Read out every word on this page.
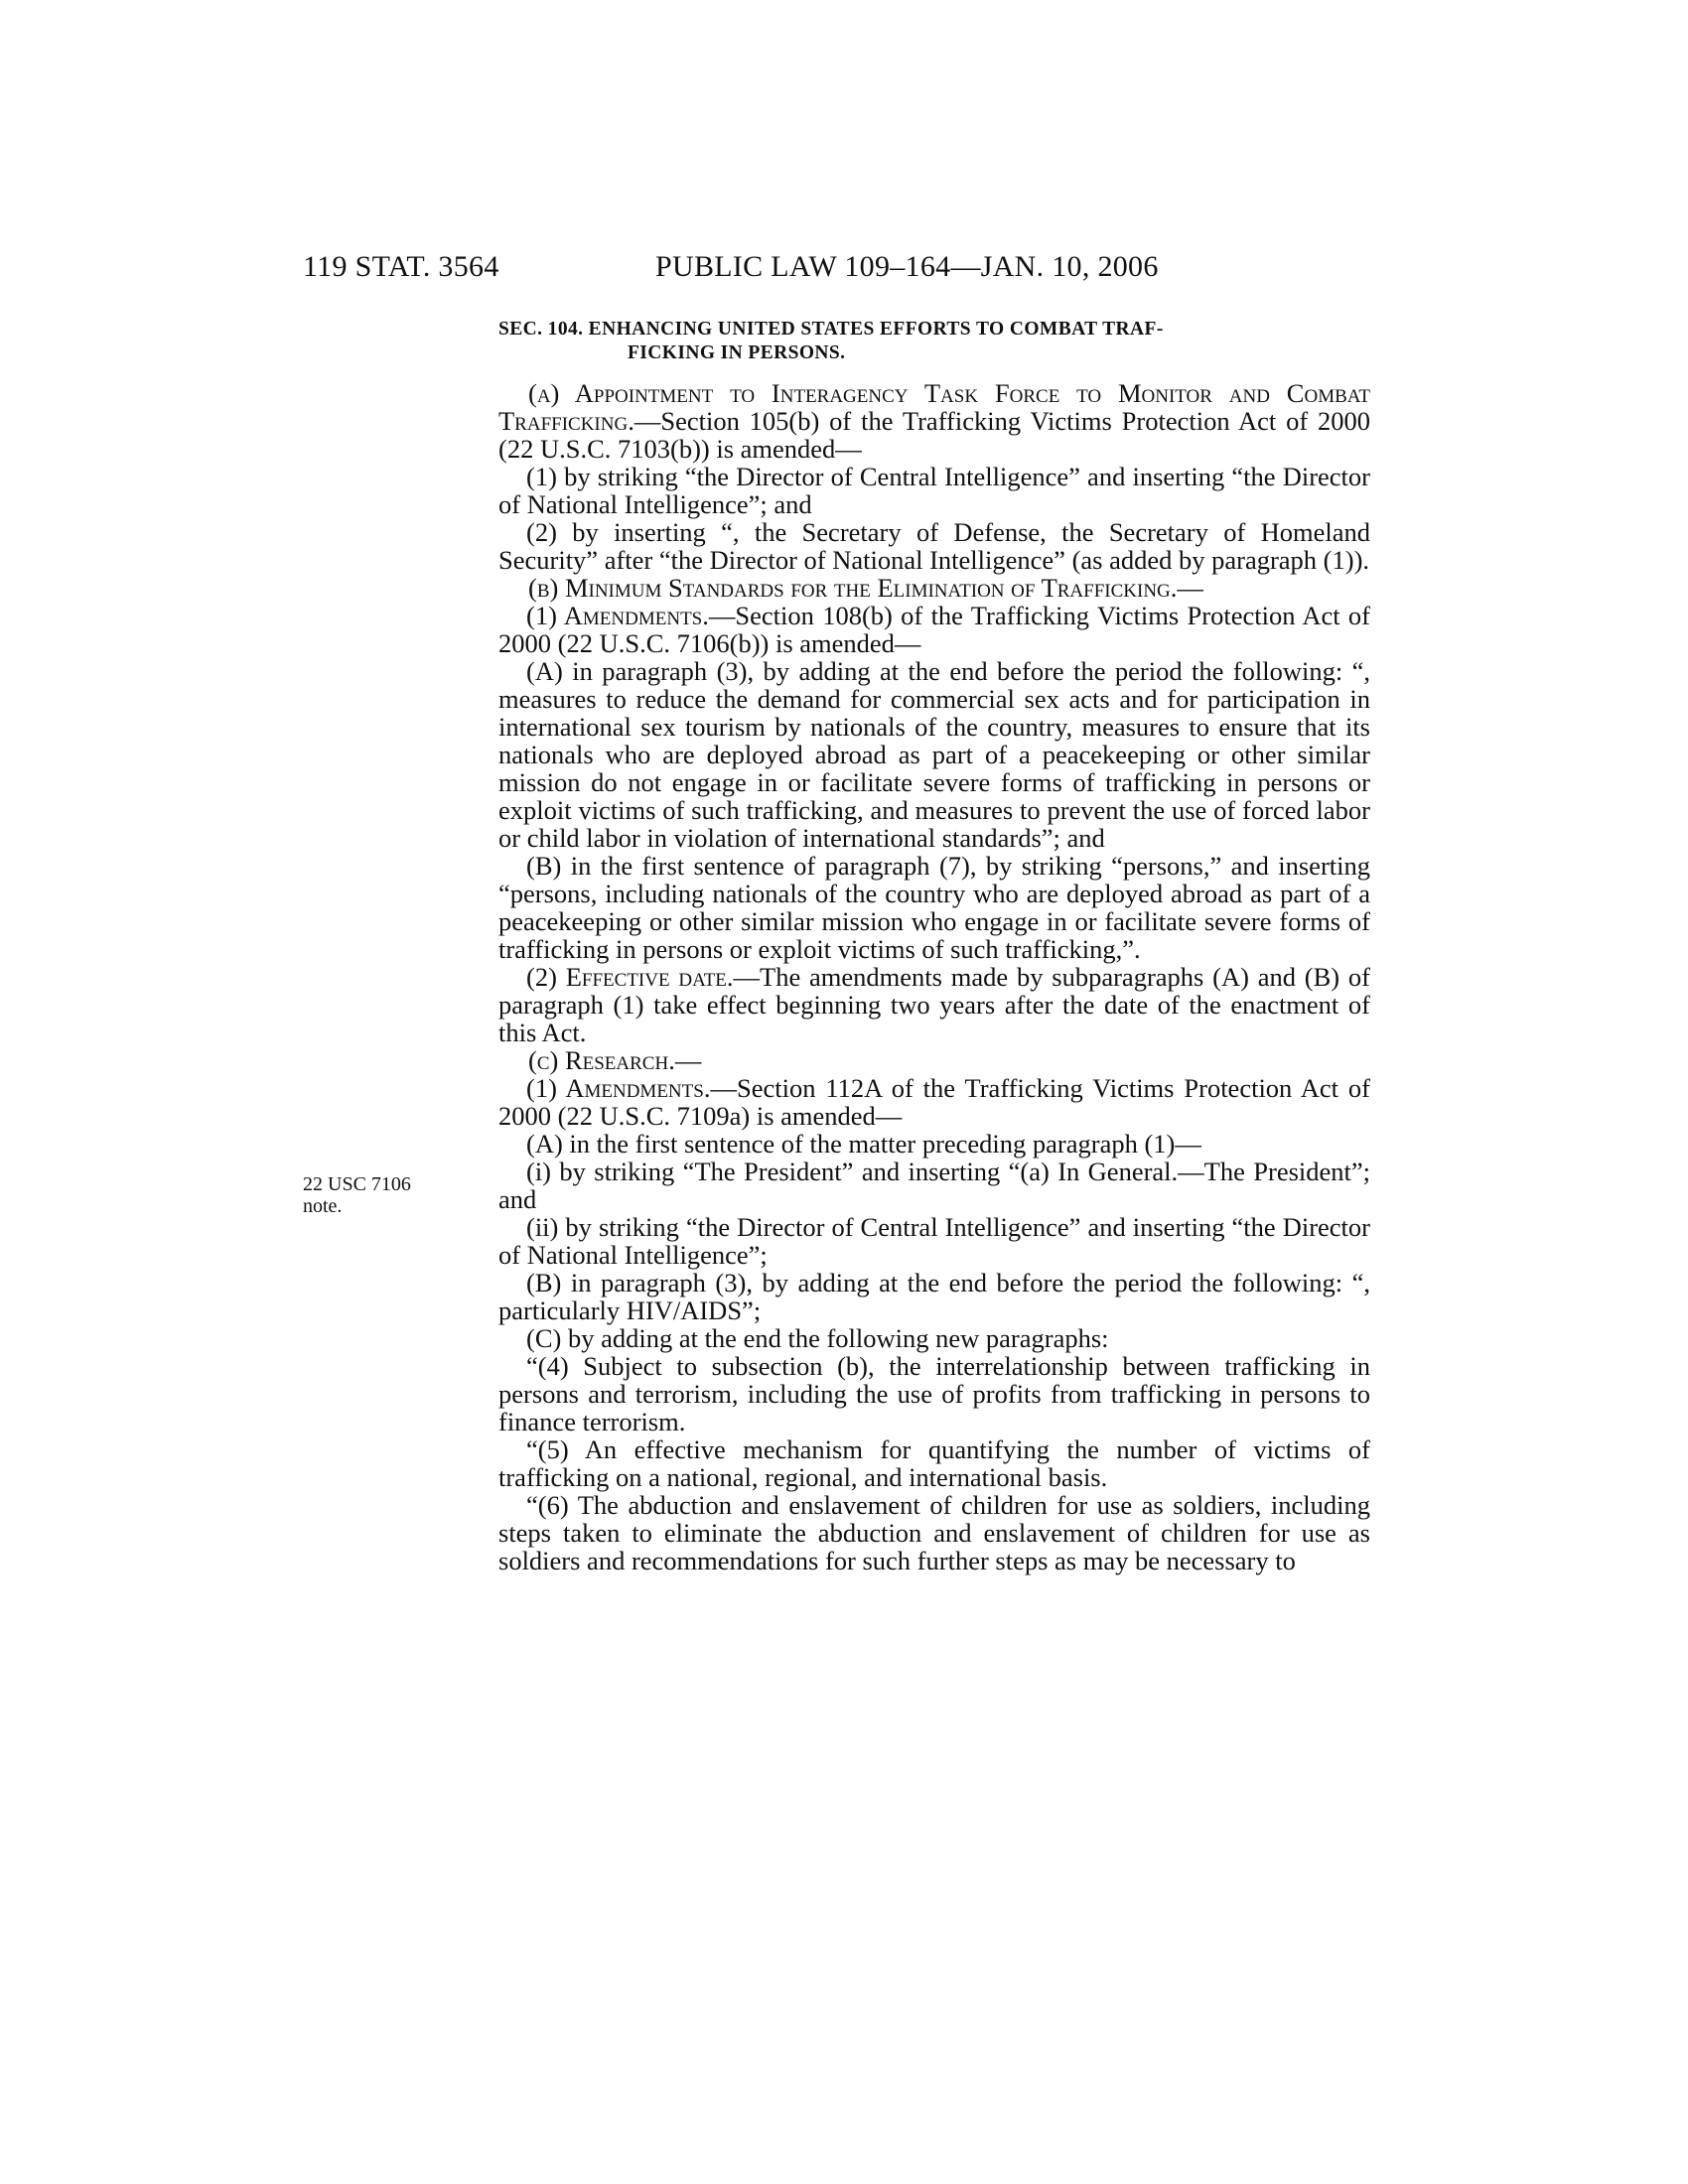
119 STAT. 3564	PUBLIC LAW 109–164—JAN. 10, 2006
SEC. 104. ENHANCING UNITED STATES EFFORTS TO COMBAT TRAF-
FICKING IN PERSONS.
22 USC 7106
note.

(a) Appointment to Interagency Task Force to Monitor and Combat Trafficking.—Section 105(b) of the Trafficking Victims Protection Act of 2000 (22 U.S.C. 7103(b)) is amended—

(1) by striking “the Director of Central Intelligence” and inserting “the Director of National Intelligence”; and

(2) by inserting “, the Secretary of Defense, the Secretary of Homeland Security” after “the Director of National Intelligence” (as added by paragraph (1)).

(b) Minimum Standards for the Elimination of Trafficking.—

(1) Amendments.—Section 108(b) of the Trafficking Victims Protection Act of 2000 (22 U.S.C. 7106(b)) is amended—

(A) in paragraph (3), by adding at the end before the period the following: “, measures to reduce the demand for commercial sex acts and for participation in international sex tourism by nationals of the country, measures to ensure that its nationals who are deployed abroad as part of a peacekeeping or other similar mission do not engage in or facilitate severe forms of trafficking in persons or exploit victims of such trafficking, and measures to prevent the use of forced labor or child labor in violation of international standards”; and

(B) in the first sentence of paragraph (7), by striking “persons,” and inserting “persons, including nationals of the country who are deployed abroad as part of a peacekeeping or other similar mission who engage in or facilitate severe forms of trafficking in persons or exploit victims of such trafficking,”.

(2) Effective date.—The amendments made by subparagraphs (A) and (B) of paragraph (1) take effect beginning two years after the date of the enactment of this Act.

(c) Research.—

(1) Amendments.—Section 112A of the Trafficking Victims Protection Act of 2000 (22 U.S.C. 7109a) is amended—

(A) in the first sentence of the matter preceding paragraph (1)—

(i) by striking “The President” and inserting “(a) In General.—The President”; and

(ii) by striking “the Director of Central Intelligence” and inserting “the Director of National Intelligence”;

(B) in paragraph (3), by adding at the end before the period the following: “, particularly HIV/AIDS”;

(C) by adding at the end the following new paragraphs:

“(4) Subject to subsection (b), the interrelationship between trafficking in persons and terrorism, including the use of profits from trafficking in persons to finance terrorism.

“(5) An effective mechanism for quantifying the number of victims of trafficking on a national, regional, and international basis.

“(6) The abduction and enslavement of children for use as soldiers, including steps taken to eliminate the abduction and enslavement of children for use as soldiers and recommendations for such further steps as may be necessary to
